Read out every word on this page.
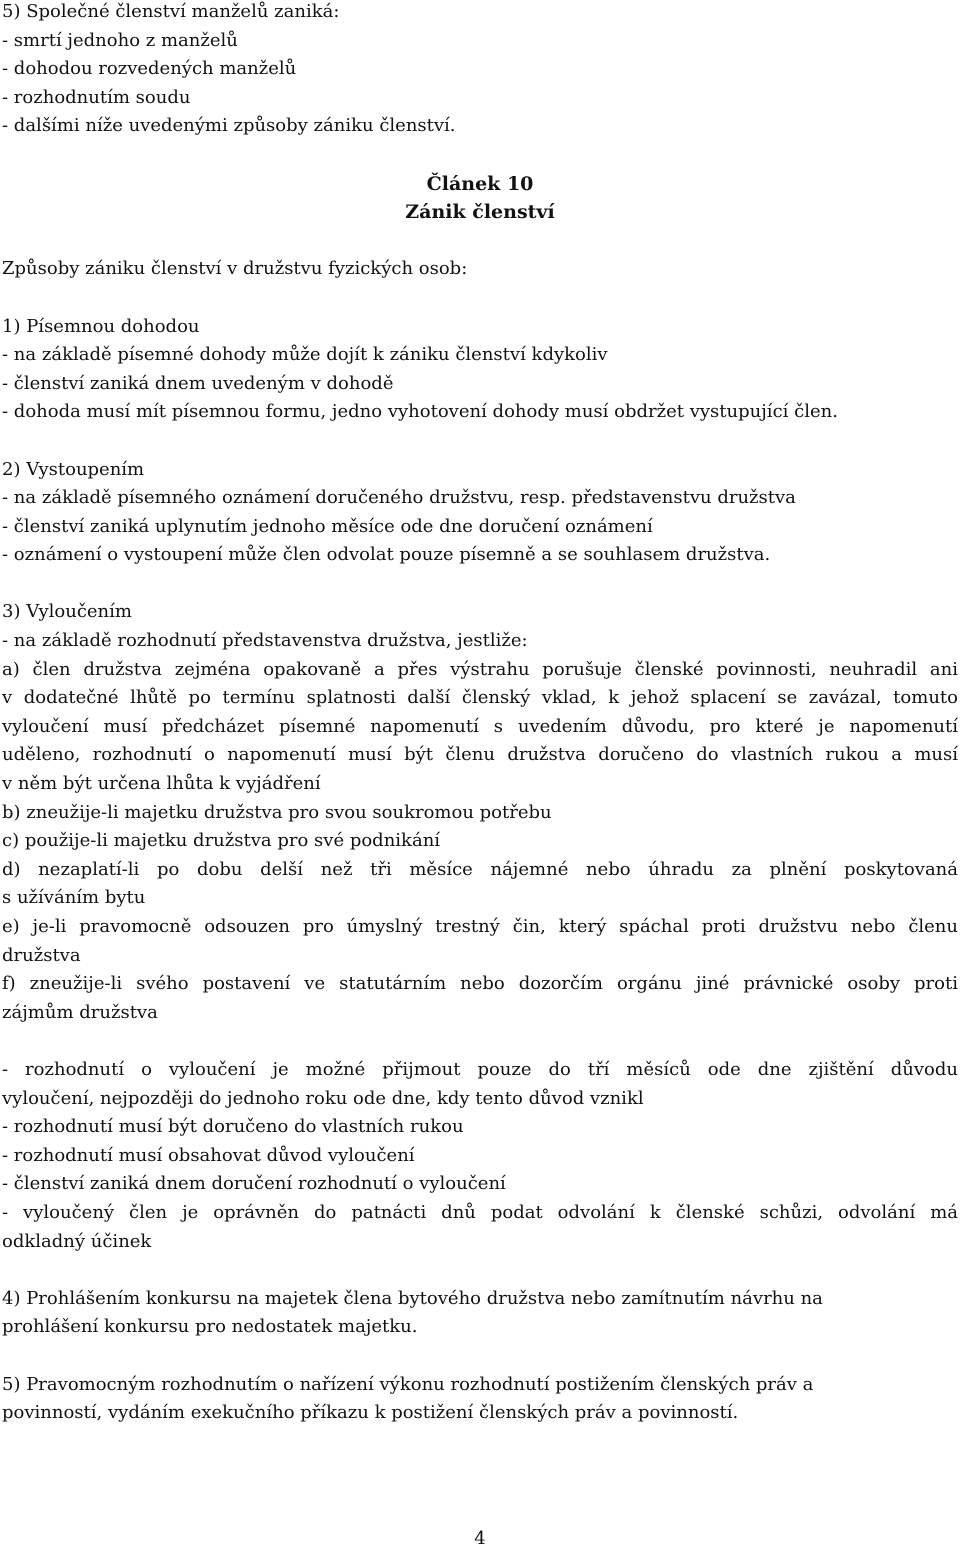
5) Společné členství manželů zaniká:
- smrtí jednoho z manželů
- dohodou rozvedených manželů
- rozhodnutím soudu
- dalšími níže uvedenými způsoby zániku členství.
Článek 10
Zánik členství
Způsoby zániku členství v družstvu fyzických osob:
1) Písemnou dohodou
- na základě písemné dohody může dojít k zániku členství kdykoliv
- členství zaniká dnem uvedeným v dohodě
- dohoda musí mít písemnou formu, jedno vyhotovení dohody musí obdržet vystupující člen.
2) Vystoupením
- na základě písemného oznámení doručeného družstvu, resp. představenstvu družstva
- členství zaniká uplynutím jednoho měsíce ode dne doručení oznámení
- oznámení o vystoupení může člen odvolat pouze písemně a se souhlasem družstva.
3) Vyloučením
- na základě rozhodnutí představenstva družstva, jestliže:
a) člen družstva zejména opakovaně a přes výstrahu porušuje členské povinnosti, neuhradil ani
v dodatečné lhůtě po termínu splatnosti další členský vklad, k jehož splacení se zavázal, tomuto
vyloučení musí předcházet písemné napomenutí s uvedením důvodu, pro které je napomenutí
uděleno, rozhodnutí o napomenutí musí být členu družstva doručeno do vlastních rukou a musí
v něm být určena lhůta k vyjádření
b) zneužije-li majetku družstva pro svou soukromou potřebu
c) použije-li majetku družstva pro své podnikání
d) nezaplatí-li po dobu delší než tři měsíce nájemné nebo úhradu za plnění poskytovaná
s užíváním bytu
e) je-li pravomocně odsouzen pro úmyslný trestný čin, který spáchal proti družstvu nebo členu
družstva
f) zneužije-li svého postavení ve statutárním nebo dozorčím orgánu jiné právnické osoby proti
zájmům družstva
- rozhodnutí o vyloučení je možné přijmout pouze do tří měsíců ode dne zjištění důvodu
vyloučení, nejpozději do jednoho roku ode dne, kdy tento důvod vznikl
- rozhodnutí musí být doručeno do vlastních rukou
- rozhodnutí musí obsahovat důvod vyloučení
- členství zaniká dnem doručení rozhodnutí o vyloučení
- vyloučený člen je oprávněn do patnácti dnů podat odvolání k členské schůzi, odvolání má
odkladný účinek
4) Prohlášením konkursu na majetek člena bytového družstva nebo zamítnutím návrhu na
prohlášení konkursu pro nedostatek majetku.
5) Pravomocným rozhodnutím o nařízení výkonu rozhodnutí postižením členských práv a
povinností, vydáním exekučního příkazu k postižení členských práv a povinností.
4
